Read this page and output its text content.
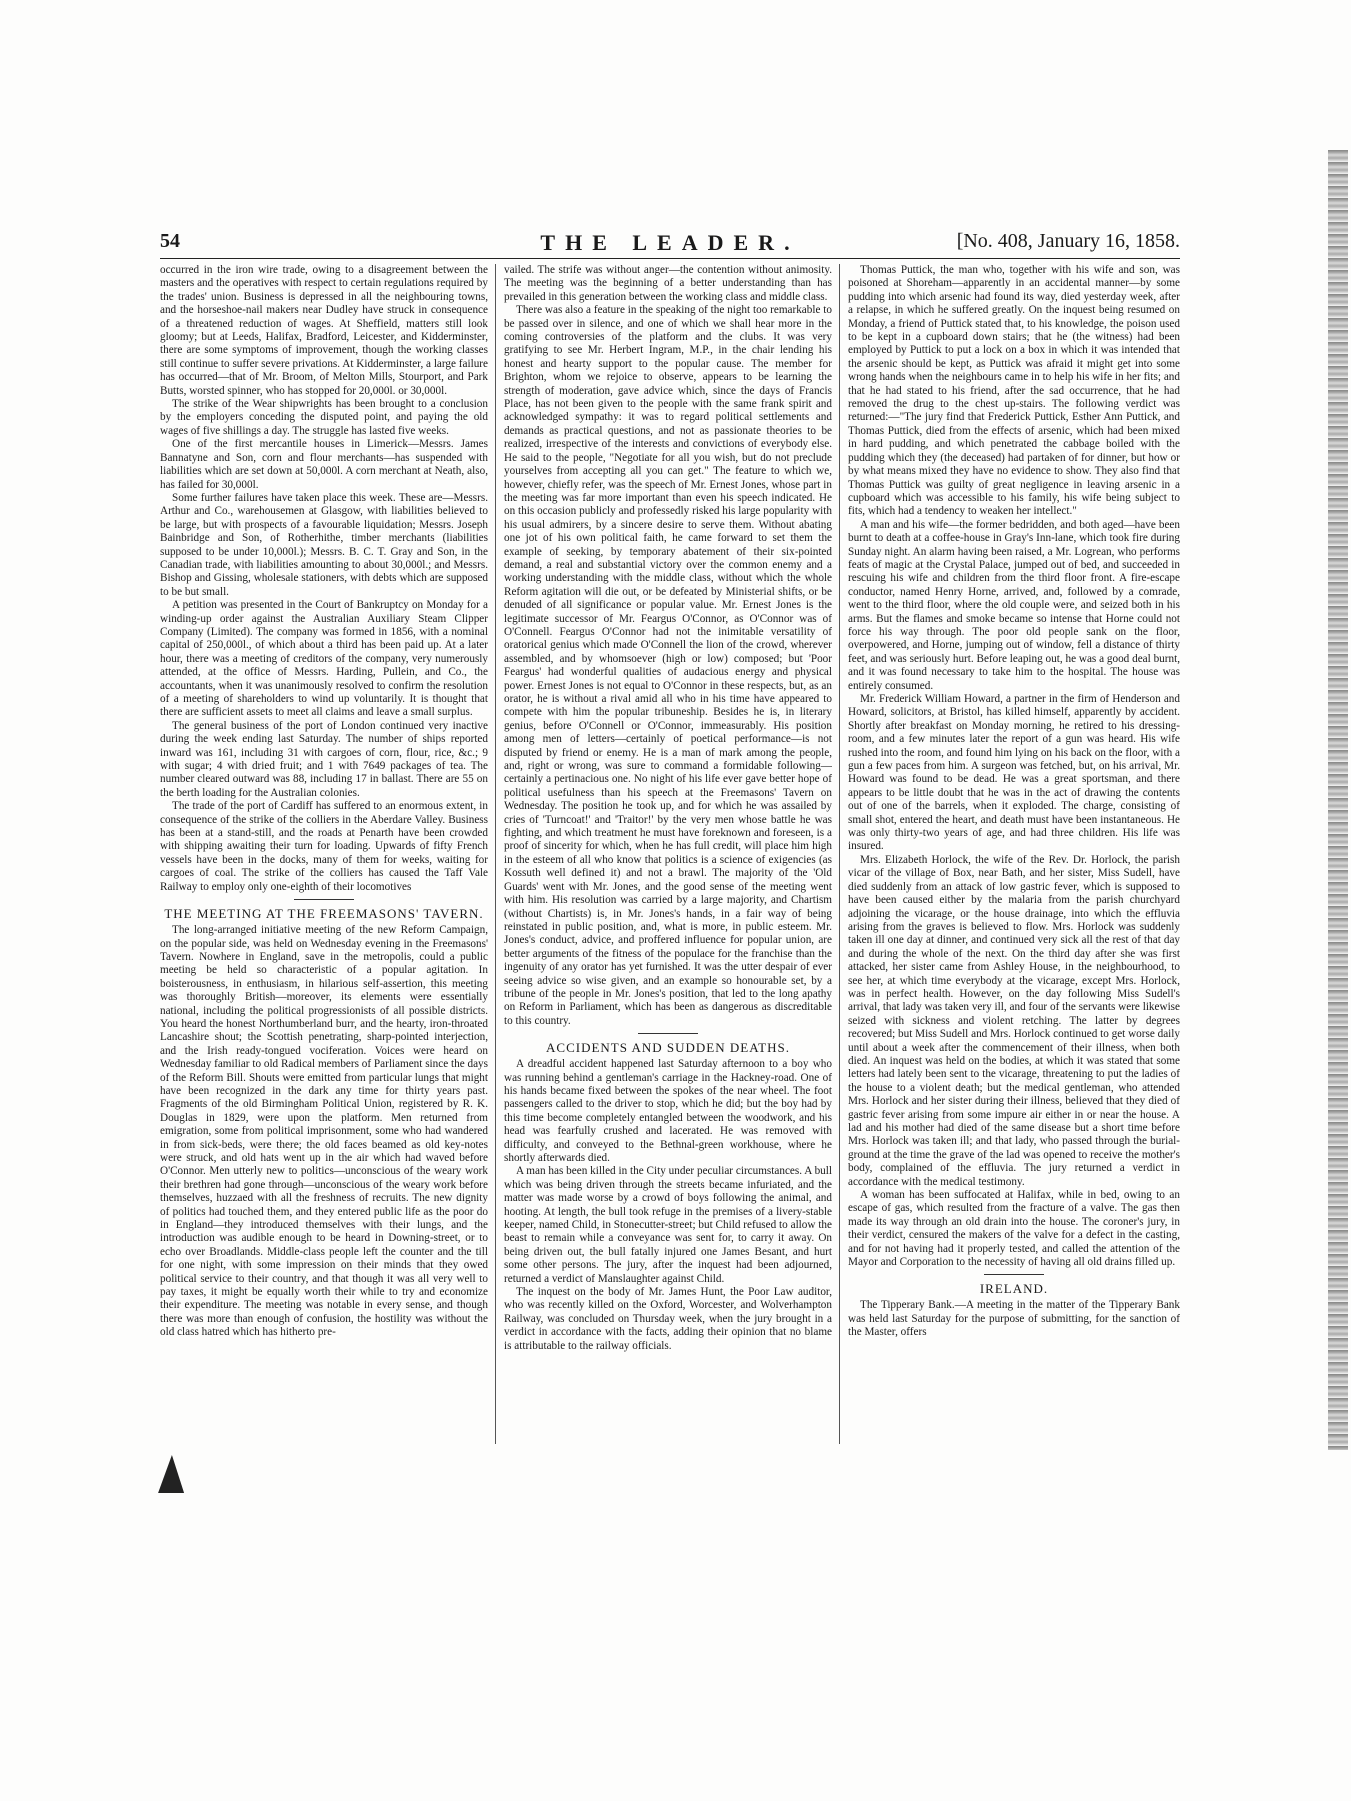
54	THE LEADER.	[No. 408, January 16, 1858.

occurred in the iron wire trade, owing to a disagreement between the masters and the operatives with respect to certain regulations required by the trades' union. Business is depressed in all the neighbouring towns, and the horseshoe-nail makers near Dudley have struck in consequence of a threatened reduction of wages. At Sheffield, matters still look gloomy; but at Leeds, Halifax, Bradford, Leicester, and Kidderminster, there are some symptoms of improvement, though the working classes still continue to suffer severe privations. At Kidderminster, a large failure has occurred—that of Mr. Broom, of Melton Mills, Stourport, and Park Butts, worsted spinner, who has stopped for 20,000l. or 30,000l.

The strike of the Wear shipwrights has been brought to a conclusion by the employers conceding the disputed point, and paying the old wages of five shillings a day. The struggle has lasted five weeks.

One of the first mercantile houses in Limerick—Messrs. James Bannatyne and Son, corn and flour merchants—has suspended with liabilities which are set down at 50,000l. A corn merchant at Neath, also, has failed for 30,000l.

Some further failures have taken place this week. These are—Messrs. Arthur and Co., warehousemen at Glasgow, with liabilities believed to be large, but with prospects of a favourable liquidation; Messrs. Joseph Bainbridge and Son, of Rotherhithe, timber merchants (liabilities supposed to be under 10,000l.); Messrs. B. C. T. Gray and Son, in the Canadian trade, with liabilities amounting to about 30,000l.; and Messrs. Bishop and Gissing, wholesale stationers, with debts which are supposed to be but small.

A petition was presented in the Court of Bankruptcy on Monday for a winding-up order against the Australian Auxiliary Steam Clipper Company (Limited). The company was formed in 1856, with a nominal capital of 250,000l., of which about a third has been paid up. At a later hour, there was a meeting of creditors of the company, very numerously attended, at the office of Messrs. Harding, Pullein, and Co., the accountants, when it was unanimously resolved to confirm the resolution of a meeting of shareholders to wind up voluntarily. It is thought that there are sufficient assets to meet all claims and leave a small surplus.

The general business of the port of London continued very inactive during the week ending last Saturday. The number of ships reported inward was 161, including 31 with cargoes of corn, flour, rice, &c.; 9 with sugar; 4 with dried fruit; and 1 with 7649 packages of tea. The number cleared outward was 88, including 17 in ballast. There are 55 on the berth loading for the Australian colonies.

The trade of the port of Cardiff has suffered to an enormous extent, in consequence of the strike of the colliers in the Aberdare Valley. Business has been at a stand-still, and the roads at Penarth have been crowded with shipping awaiting their turn for loading. Upwards of fifty French vessels have been in the docks, many of them for weeks, waiting for cargoes of coal. The strike of the colliers has caused the Taff Vale Railway to employ only one-eighth of their locomotives

THE MEETING AT THE FREEMASONS' TAVERN.

The long-arranged initiative meeting of the new Reform Campaign, on the popular side, was held on Wednesday evening in the Freemasons' Tavern. Nowhere in England, save in the metropolis, could a public meeting be held so characteristic of a popular agitation. In boisterousness, in enthusiasm, in hilarious self-assertion, this meeting was thoroughly British—moreover, its elements were essentially national, including the political progressionists of all possible districts. You heard the honest Northumberland burr, and the hearty, iron-throated Lancashire shout; the Scottish penetrating, sharp-pointed interjection, and the Irish ready-tongued vociferation. Voices were heard on Wednesday familiar to old Radical members of Parliament since the days of the Reform Bill. Shouts were emitted from particular lungs that might have been recognized in the dark any time for thirty years past. Fragments of the old Birmingham Political Union, registered by R. K. Douglas in 1829, were upon the platform. Men returned from emigration, some from political imprisonment, some who had wandered in from sick-beds, were there; the old faces beamed as old key-notes were struck, and old hats went up in the air which had waved before O'Connor. Men utterly new to politics—unconscious of the weary work their brethren had gone through—unconscious of the weary work before themselves, huzzaed with all the freshness of recruits. The new dignity of politics had touched them, and they entered public life as the poor do in England—they introduced themselves with their lungs, and the introduction was audible enough to be heard in Downing-street, or to echo over Broadlands. Middle-class people left the counter and the till for one night, with some impression on their minds that they owed political service to their country, and that though it was all very well to pay taxes, it might be equally worth their while to try and economize their expenditure. The meeting was notable in every sense, and though there was more than enough of confusion, the hostility was without the old class hatred which has hitherto pre-

vailed. The strife was without anger—the contention without animosity. The meeting was the beginning of a better understanding than has prevailed in this generation between the working class and middle class.

There was also a feature in the speaking of the night too remarkable to be passed over in silence, and one of which we shall hear more in the coming controversies of the platform and the clubs. It was very gratifying to see Mr. Herbert Ingram, M.P., in the chair lending his honest and hearty support to the popular cause. The member for Brighton, whom we rejoice to observe, appears to be learning the strength of moderation, gave advice which, since the days of Francis Place, has not been given to the people with the same frank spirit and acknowledged sympathy: it was to regard political settlements and demands as practical questions, and not as passionate theories to be realized, irrespective of the interests and convictions of everybody else. He said to the people, "Negotiate for all you wish, but do not preclude yourselves from accepting all you can get." The feature to which we, however, chiefly refer, was the speech of Mr. Ernest Jones, whose part in the meeting was far more important than even his speech indicated. He on this occasion publicly and professedly risked his large popularity with his usual admirers, by a sincere desire to serve them. Without abating one jot of his own political faith, he came forward to set them the example of seeking, by temporary abatement of their six-pointed demand, a real and substantial victory over the common enemy and a working understanding with the middle class, without which the whole Reform agitation will die out, or be defeated by Ministerial shifts, or be denuded of all significance or popular value. Mr. Ernest Jones is the legitimate successor of Mr. Feargus O'Connor, as O'Connor was of O'Connell. Feargus O'Connor had not the inimitable versatility of oratorical genius which made O'Connell the lion of the crowd, wherever assembled, and by whomsoever (high or low) composed; but 'Poor Feargus' had wonderful qualities of audacious energy and physical power. Ernest Jones is not equal to O'Connor in these respects, but, as an orator, he is without a rival amid all who in his time have appeared to compete with him the popular tribuneship. Besides he is, in literary genius, before O'Connell or O'Connor, immeasurably. His position among men of letters—certainly of poetical performance—is not disputed by friend or enemy. He is a man of mark among the people, and, right or wrong, was sure to command a formidable following—certainly a pertinacious one. No night of his life ever gave better hope of political usefulness than his speech at the Freemasons' Tavern on Wednesday. The position he took up, and for which he was assailed by cries of 'Turncoat!' and 'Traitor!' by the very men whose battle he was fighting, and which treatment he must have foreknown and foreseen, is a proof of sincerity for which, when he has full credit, will place him high in the esteem of all who know that politics is a science of exigencies (as Kossuth well defined it) and not a brawl. The majority of the 'Old Guards' went with Mr. Jones, and the good sense of the meeting went with him. His resolution was carried by a large majority, and Chartism (without Chartists) is, in Mr. Jones's hands, in a fair way of being reinstated in public position, and, what is more, in public esteem. Mr. Jones's conduct, advice, and proffered influence for popular union, are better arguments of the fitness of the populace for the franchise than the ingenuity of any orator has yet furnished. It was the utter despair of ever seeing advice so wise given, and an example so honourable set, by a tribune of the people in Mr. Jones's position, that led to the long apathy on Reform in Parliament, which has been as dangerous as discreditable to this country.

ACCIDENTS AND SUDDEN DEATHS.

A dreadful accident happened last Saturday afternoon to a boy who was running behind a gentleman's carriage in the Hackney-road. One of his hands became fixed between the spokes of the near wheel. The foot passengers called to the driver to stop, which he did; but the boy had by this time become completely entangled between the woodwork, and his head was fearfully crushed and lacerated. He was removed with difficulty, and conveyed to the Bethnal-green workhouse, where he shortly afterwards died.

A man has been killed in the City under peculiar circumstances. A bull which was being driven through the streets became infuriated, and the matter was made worse by a crowd of boys following the animal, and hooting. At length, the bull took refuge in the premises of a livery-stable keeper, named Child, in Stonecutter-street; but Child refused to allow the beast to remain while a conveyance was sent for, to carry it away. On being driven out, the bull fatally injured one James Besant, and hurt some other persons. The jury, after the inquest had been adjourned, returned a verdict of Manslaughter against Child.

The inquest on the body of Mr. James Hunt, the Poor Law auditor, who was recently killed on the Oxford, Worcester, and Wolverhampton Railway, was concluded on Thursday week, when the jury brought in a verdict in accordance with the facts, adding their opinion that no blame is attributable to the railway officials.

Thomas Puttick, the man who, together with his wife and son, was poisoned at Shoreham—apparently in an accidental manner—by some pudding into which arsenic had found its way, died yesterday week, after a relapse, in which he suffered greatly. On the inquest being resumed on Monday, a friend of Puttick stated that, to his knowledge, the poison used to be kept in a cupboard down stairs; that he (the witness) had been employed by Puttick to put a lock on a box in which it was intended that the arsenic should be kept, as Puttick was afraid it might get into some wrong hands when the neighbours came in to help his wife in her fits; and that he had stated to his friend, after the sad occurrence, that he had removed the drug to the chest up-stairs. The following verdict was returned:—"The jury find that Frederick Puttick, Esther Ann Puttick, and Thomas Puttick, died from the effects of arsenic, which had been mixed in hard pudding, and which penetrated the cabbage boiled with the pudding which they (the deceased) had partaken of for dinner, but how or by what means mixed they have no evidence to show. They also find that Thomas Puttick was guilty of great negligence in leaving arsenic in a cupboard which was accessible to his family, his wife being subject to fits, which had a tendency to weaken her intellect."

A man and his wife—the former bedridden, and both aged—have been burnt to death at a coffee-house in Gray's Inn-lane, which took fire during Sunday night. An alarm having been raised, a Mr. Logrean, who performs feats of magic at the Crystal Palace, jumped out of bed, and succeeded in rescuing his wife and children from the third floor front. A fire-escape conductor, named Henry Horne, arrived, and, followed by a comrade, went to the third floor, where the old couple were, and seized both in his arms. But the flames and smoke became so intense that Horne could not force his way through. The poor old people sank on the floor, overpowered, and Horne, jumping out of window, fell a distance of thirty feet, and was seriously hurt. Before leaping out, he was a good deal burnt, and it was found necessary to take him to the hospital. The house was entirely consumed.

Mr. Frederick William Howard, a partner in the firm of Henderson and Howard, solicitors, at Bristol, has killed himself, apparently by accident. Shortly after breakfast on Monday morning, he retired to his dressing-room, and a few minutes later the report of a gun was heard. His wife rushed into the room, and found him lying on his back on the floor, with a gun a few paces from him. A surgeon was fetched, but, on his arrival, Mr. Howard was found to be dead. He was a great sportsman, and there appears to be little doubt that he was in the act of drawing the contents out of one of the barrels, when it exploded. The charge, consisting of small shot, entered the heart, and death must have been instantaneous. He was only thirty-two years of age, and had three children. His life was insured.

Mrs. Elizabeth Horlock, the wife of the Rev. Dr. Horlock, the parish vicar of the village of Box, near Bath, and her sister, Miss Sudell, have died suddenly from an attack of low gastric fever, which is supposed to have been caused either by the malaria from the parish churchyard adjoining the vicarage, or the house drainage, into which the effluvia arising from the graves is believed to flow. Mrs. Horlock was suddenly taken ill one day at dinner, and continued very sick all the rest of that day and during the whole of the next. On the third day after she was first attacked, her sister came from Ashley House, in the neighbourhood, to see her, at which time everybody at the vicarage, except Mrs. Horlock, was in perfect health. However, on the day following Miss Sudell's arrival, that lady was taken very ill, and four of the servants were likewise seized with sickness and violent retching. The latter by degrees recovered; but Miss Sudell and Mrs. Horlock continued to get worse daily until about a week after the commencement of their illness, when both died. An inquest was held on the bodies, at which it was stated that some letters had lately been sent to the vicarage, threatening to put the ladies of the house to a violent death; but the medical gentleman, who attended Mrs. Horlock and her sister during their illness, believed that they died of gastric fever arising from some impure air either in or near the house. A lad and his mother had died of the same disease but a short time before Mrs. Horlock was taken ill; and that lady, who passed through the burial-ground at the time the grave of the lad was opened to receive the mother's body, complained of the effluvia. The jury returned a verdict in accordance with the medical testimony.

A woman has been suffocated at Halifax, while in bed, owing to an escape of gas, which resulted from the fracture of a valve. The gas then made its way through an old drain into the house. The coroner's jury, in their verdict, censured the makers of the valve for a defect in the casting, and for not having had it properly tested, and called the attention of the Mayor and Corporation to the necessity of having all old drains filled up.

IRELAND.

The Tipperary Bank.—A meeting in the matter of the Tipperary Bank was held last Saturday for the purpose of submitting, for the sanction of the Master, offers
